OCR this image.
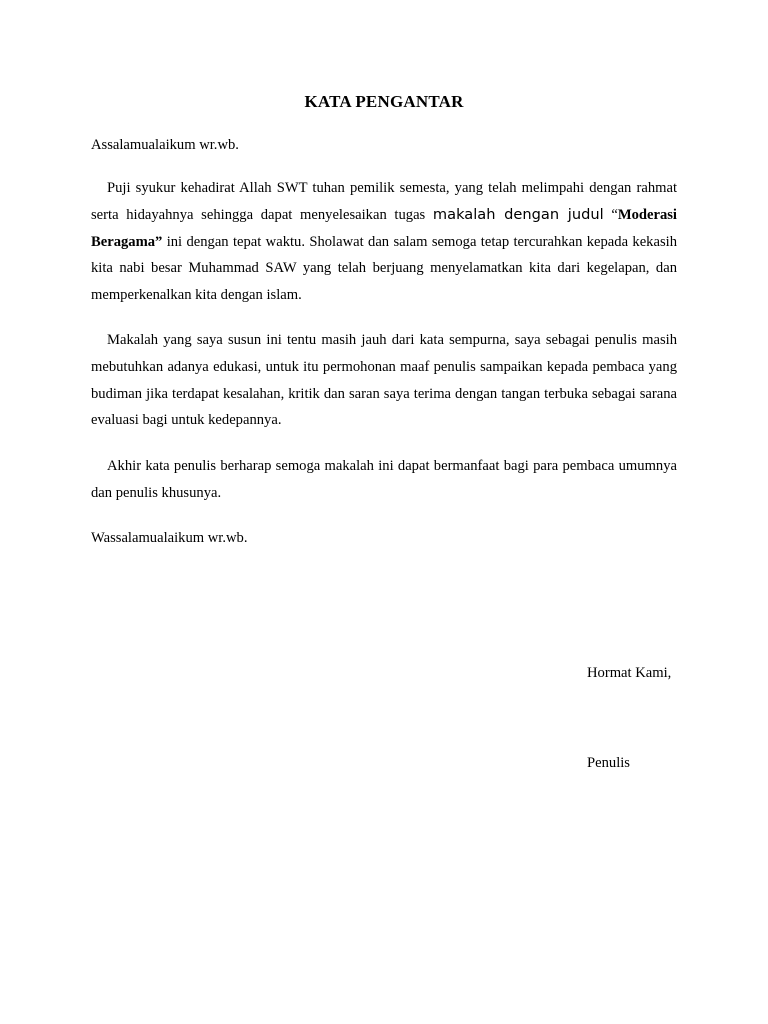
KATA PENGANTAR

Assalamualaikum wr.wb.

Puji syukur kehadirat Allah SWT tuhan pemilik semesta, yang telah melimpahi dengan rahmat serta hidayahnya sehingga dapat menyelesaikan tugas makalah dengan judul “Moderasi Beragama” ini dengan tepat waktu. Sholawat dan salam semoga tetap tercurahkan kepada kekasih kita nabi besar Muhammad SAW yang telah berjuang menyelamatkan kita dari kegelapan, dan memperkenalkan kita dengan islam.

Makalah yang saya susun ini tentu masih jauh dari kata sempurna, saya sebagai penulis masih mebutuhkan adanya edukasi, untuk itu permohonan maaf penulis sampaikan kepada pembaca yang budiman jika terdapat kesalahan, kritik dan saran saya terima dengan tangan terbuka sebagai sarana evaluasi bagi untuk kedepannya.

Akhir kata penulis berharap semoga makalah ini dapat bermanfaat bagi para pembaca umumnya dan penulis khusunya.

Wassalamualaikum wr.wb.

Hormat Kami,

Penulis
